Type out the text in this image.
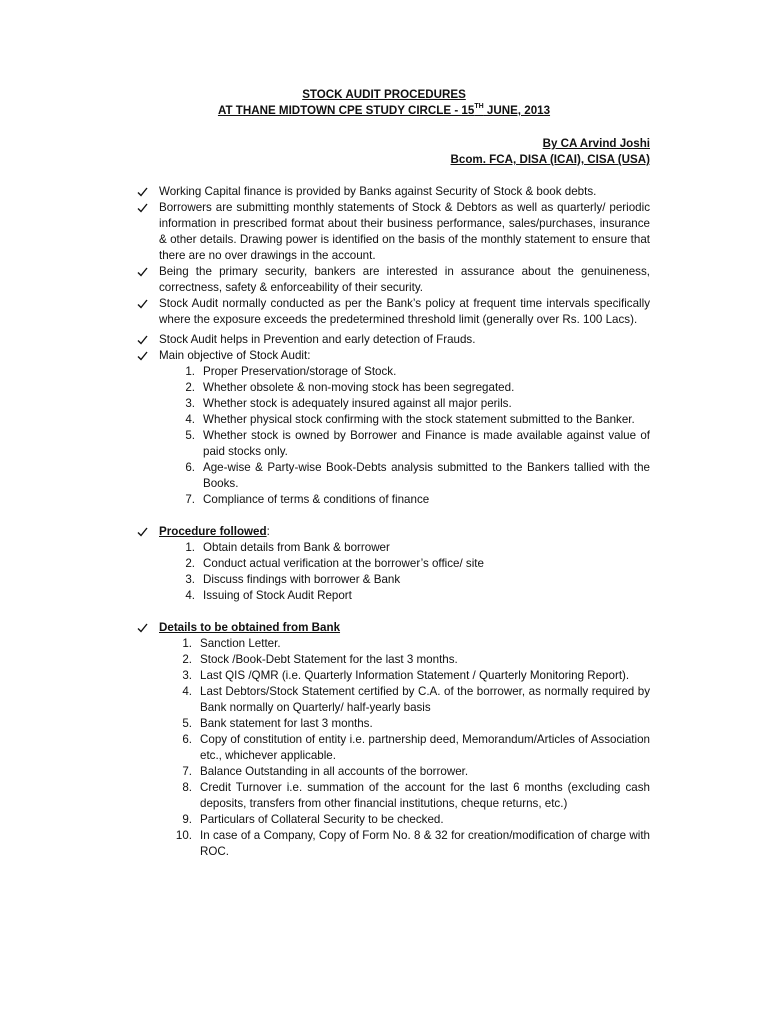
STOCK AUDIT PROCEDURES
AT THANE MIDTOWN CPE STUDY CIRCLE - 15TH JUNE, 2013
By CA Arvind Joshi
Bcom. FCA, DISA (ICAI), CISA (USA)
Working Capital finance is provided by Banks against Security of Stock & book debts.
Borrowers are submitting monthly statements of Stock & Debtors as well as quarterly/ periodic information in prescribed format about their business performance, sales/purchases, insurance & other details. Drawing power is identified on the basis of the monthly statement to ensure that there are no over drawings in the account.
Being the primary security, bankers are interested in assurance about the genuineness, correctness, safety & enforceability of their security.
Stock Audit normally conducted as per the Bank’s policy at frequent time intervals specifically where the exposure exceeds the predetermined threshold limit (generally over Rs. 100 Lacs).
Stock Audit helps in Prevention and early detection of Frauds.
Main objective of Stock Audit:
1. Proper Preservation/storage of Stock.
2. Whether obsolete & non-moving stock has been segregated.
3. Whether stock is adequately insured against all major perils.
4. Whether physical stock confirming with the stock statement submitted to the Banker.
5. Whether stock is owned by Borrower and Finance is made available against value of paid stocks only.
6. Age-wise & Party-wise Book-Debts analysis submitted to the Bankers tallied with the Books.
7. Compliance of terms & conditions of finance
Procedure followed:
1. Obtain details from Bank & borrower
2. Conduct actual verification at the borrower’s office/ site
3. Discuss findings with borrower & Bank
4. Issuing of Stock Audit Report
Details to be obtained from Bank
1. Sanction Letter.
2. Stock /Book-Debt Statement for the last 3 months.
3. Last QIS /QMR (i.e. Quarterly Information Statement / Quarterly Monitoring Report).
4. Last Debtors/Stock Statement certified by C.A. of the borrower, as normally required by Bank normally on Quarterly/ half-yearly basis
5. Bank statement for last 3 months.
6. Copy of constitution of entity i.e. partnership deed, Memorandum/Articles of Association etc., whichever applicable.
7. Balance Outstanding in all accounts of the borrower.
8. Credit Turnover i.e. summation of the account for the last 6 months (excluding cash deposits, transfers from other financial institutions, cheque returns, etc.)
9. Particulars of Collateral Security to be checked.
10. In case of a Company, Copy of Form No. 8 & 32 for creation/modification of charge with ROC.
